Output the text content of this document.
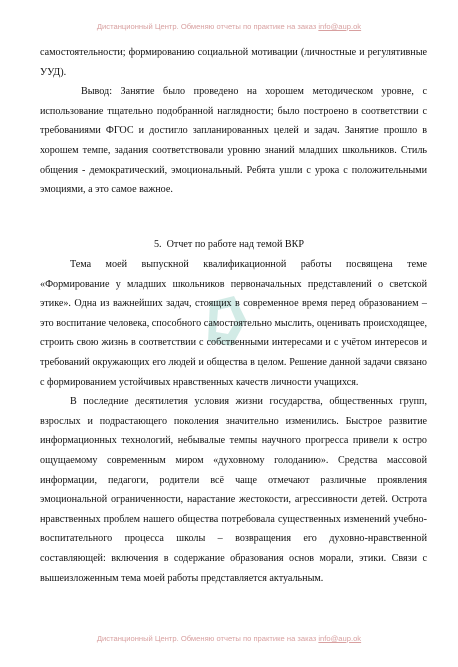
Дистанционный Центр. Обменяю отчеты по практике на заказ info@aup.ok

самостоятельности; формированию социальной мотивации (личностные и регулятивные УУД).

Вывод: Занятие было проведено на хорошем методическом уровне, с использование тщательно подобранной наглядности; было построено в соответствии с требованиями ФГОС и достигло запланированных целей и задач. Занятие прошло в хорошем темпе, задания соответствовали уровню знаний младших школьников. Стиль общения - демократический, эмоциональный. Ребята ушли с урока с положительными эмоциями, а это самое важное.

5. Отчет по работе над темой ВКР

Тема моей выпускной квалификационной работы посвящена теме «Формирование у младших школьников первоначальных представлений о светской этике». Одна из важнейших задач, стоящих в современное время перед образованием – это воспитание человека, способного самостоятельно мыслить, оценивать происходящее, строить свою жизнь в соответствии с собственными интересами и с учётом интересов и требований окружающих его людей и общества в целом. Решение данной задачи связано с формированием устойчивых нравственных качеств личности учащихся.

В последние десятилетия условия жизни государства, общественных групп, взрослых и подрастающего поколения значительно изменились. Быстрое развитие информационных технологий, небывалые темпы научного прогресса привели к остро ощущаемому современным миром «духовному голоданию». Средства массовой информации, педагоги, родители всё чаще отмечают различные проявления эмоциональной ограниченности, нарастание жестокости, агрессивности детей. Острота нравственных проблем нашего общества потребовала существенных изменений учебно-воспитательного процесса школы – возвращения его духовно-нравственной составляющей: включения в содержание образования основ морали, этики. Связи с вышеизложенным тема моей работы представляется актуальным.

Дистанционный Центр. Обменяю отчеты по практике на заказ info@aup.ok
